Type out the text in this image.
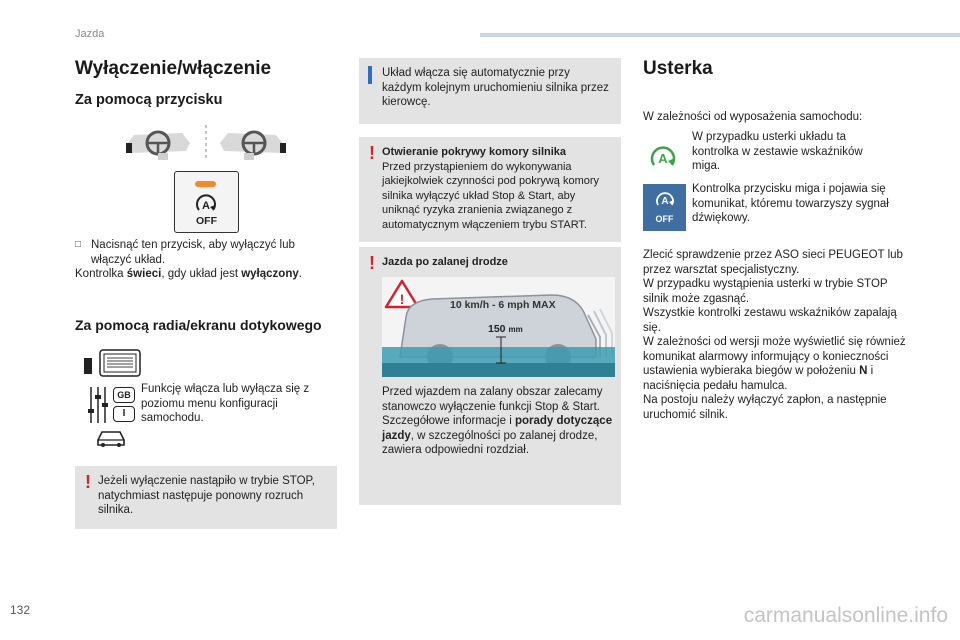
Jazda
Wyłączenie/włączenie
Za pomocą przycisku
A
OFF
□ Nacisnąć ten przycisk, aby wyłączyć lub włączyć układ.
Kontrolka świeci, gdy układ jest wyłączony.
Za pomocą radia/ekranu dotykowego
GB
I
Funkcję włącza lub wyłącza się z poziomu menu konfiguracji samochodu.
! Jeżeli wyłączenie nastąpiło w trybie STOP, natychmiast następuje ponowny rozruch silnika.
Układ włącza się automatycznie przy każdym kolejnym uruchomieniu silnika przez kierowcę.
! Otwieranie pokrywy komory silnika
Przed przystąpieniem do wykonywania jakiejkolwiek czynności pod pokrywą komory silnika wyłączyć układ Stop & Start, aby uniknąć ryzyka zranienia związanego z automatycznym włączeniem trybu START.
! Jazda po zalanej drodze
!	10 km/h - 6 mph MAX
150 mm
Przed wjazdem na zalany obszar zalecamy stanowczo wyłączenie funkcji Stop & Start.
Szczegółowe informacje i porady dotyczące jazdy, w szczególności po zalanej drodze, zawiera odpowiedni rozdział.
Usterka
W zależności od wyposażenia samochodu:
A
W przypadku usterki układu ta kontrolka w zestawie wskaźników miga.
A
OFF
Kontrolka przycisku miga i pojawia się komunikat, któremu towarzyszy sygnał dźwiękowy.
Zlecić sprawdzenie przez ASO sieci PEUGEOT lub przez warsztat specjalistyczny.
W przypadku wystąpienia usterki w trybie STOP silnik może zgasnąć.
Wszystkie kontrolki zestawu wskaźników zapalają się.
W zależności od wersji może wyświetlić się również komunikat alarmowy informujący o konieczności ustawienia wybieraka biegów w położeniu N i naciśnięcia pedału hamulca.
Na postoju należy wyłączyć zapłon, a następnie uruchomić silnik.
132	carmanualsonline.info
